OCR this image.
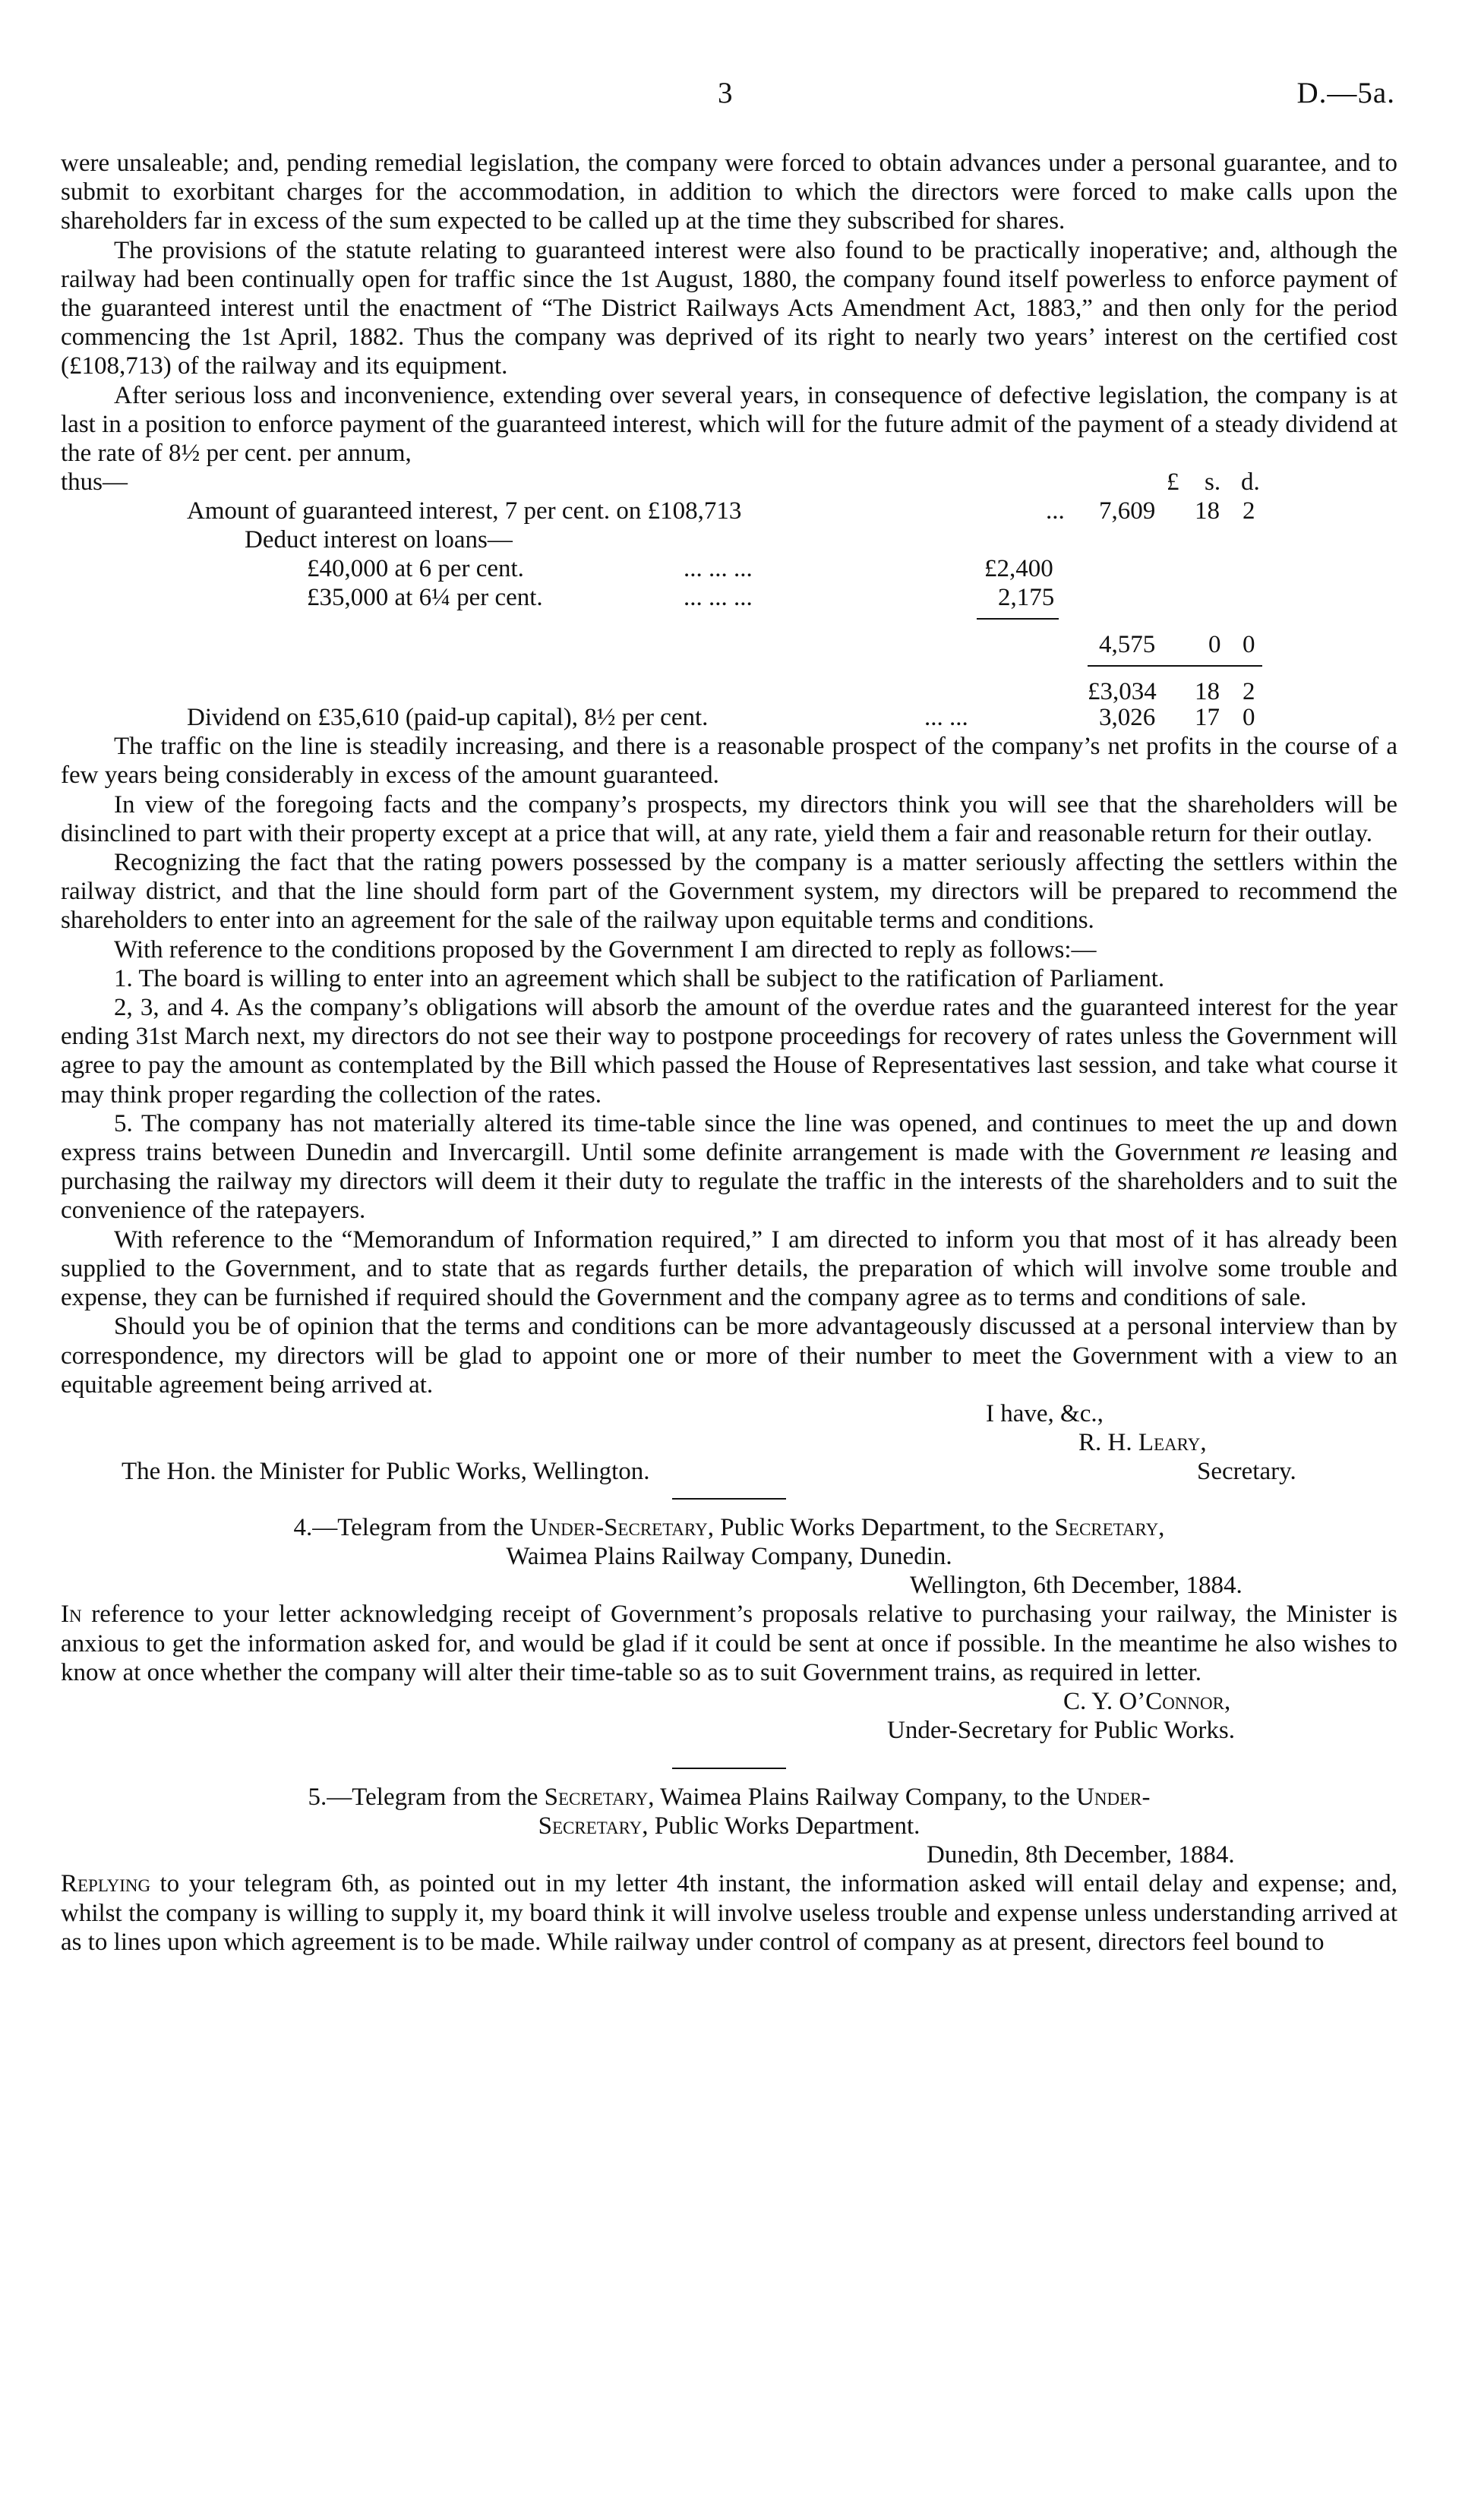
3	D.—5a.

were unsaleable; and, pending remedial legislation, the company were forced to obtain advances under a personal guarantee, and to submit to exorbitant charges for the accommodation, in addition to which the directors were forced to make calls upon the shareholders far in excess of the sum expected to be called up at the time they subscribed for shares.

The provisions of the statute relating to guaranteed interest were also found to be practically inoperative; and, although the railway had been continually open for traffic since the 1st August, 1880, the company found itself powerless to enforce payment of the guaranteed interest until the enactment of “The District Railways Acts Amendment Act, 1883,” and then only for the period commencing the 1st April, 1882. Thus the company was deprived of its right to nearly two years’ interest on the certified cost (£108,713) of the railway and its equipment.

After serious loss and inconvenience, extending over several years, in consequence of defective legislation, the company is at last in a position to enforce payment of the guaranteed interest, which will for the future admit of the payment of a steady dividend at the rate of 8½ per cent. per annum,

thus—	£ s. d.
Amount of guaranteed interest, 7 per cent. on £108,713	... 7,609 18 2
Deduct interest on loans—
£40,000 at 6 per cent.	... ... ...	£2,400
£35,000 at 6¼ per cent.	... ... ...	2,175
4,575 0 0
£3,034 18 2
Dividend on £35,610 (paid-up capital), 8½ per cent.	... ...	3,026 17 0

The traffic on the line is steadily increasing, and there is a reasonable prospect of the company’s net profits in the course of a few years being considerably in excess of the amount guaranteed.

In view of the foregoing facts and the company’s prospects, my directors think you will see that the shareholders will be disinclined to part with their property except at a price that will, at any rate, yield them a fair and reasonable return for their outlay.

Recognizing the fact that the rating powers possessed by the company is a matter seriously affecting the settlers within the railway district, and that the line should form part of the Government system, my directors will be prepared to recommend the shareholders to enter into an agreement for the sale of the railway upon equitable terms and conditions.

With reference to the conditions proposed by the Government I am directed to reply as follows:—

1. The board is willing to enter into an agreement which shall be subject to the ratification of Parliament.

2, 3, and 4. As the company’s obligations will absorb the amount of the overdue rates and the guaranteed interest for the year ending 31st March next, my directors do not see their way to postpone proceedings for recovery of rates unless the Government will agree to pay the amount as contemplated by the Bill which passed the House of Representatives last session, and take what course it may think proper regarding the collection of the rates.

5. The company has not materially altered its time-table since the line was opened, and continues to meet the up and down express trains between Dunedin and Invercargill. Until some definite arrangement is made with the Government re leasing and purchasing the railway my directors will deem it their duty to regulate the traffic in the interests of the shareholders and to suit the convenience of the ratepayers.

With reference to the “Memorandum of Information required,” I am directed to inform you that most of it has already been supplied to the Government, and to state that as regards further details, the preparation of which will involve some trouble and expense, they can be furnished if required should the Government and the company agree as to terms and conditions of sale.

Should you be of opinion that the terms and conditions can be more advantageously discussed at a personal interview than by correspondence, my directors will be glad to appoint one or more of their number to meet the Government with a view to an equitable agreement being arrived at.

I have, &c.,
R. H. Leary,
The Hon. the Minister for Public Works, Wellington.	Secretary.
4.—Telegram from the Under-Secretary, Public Works Department, to the Secretary,
Waimea Plains Railway Company, Dunedin.
Wellington, 6th December, 1884.

In reference to your letter acknowledging receipt of Government’s proposals relative to purchasing your railway, the Minister is anxious to get the information asked for, and would be glad if it could be sent at once if possible. In the meantime he also wishes to know at once whether the company will alter their time-table so as to suit Government trains, as required in letter.

C. Y. O’Connor,
Under-Secretary for Public Works.
5.—Telegram from the Secretary, Waimea Plains Railway Company, to the Under-
Secretary, Public Works Department.
Dunedin, 8th December, 1884.

Replying to your telegram 6th, as pointed out in my letter 4th instant, the information asked will entail delay and expense; and, whilst the company is willing to supply it, my board think it will involve useless trouble and expense unless understanding arrived at as to lines upon which agreement is to be made. While railway under control of company as at present, directors feel bound to
